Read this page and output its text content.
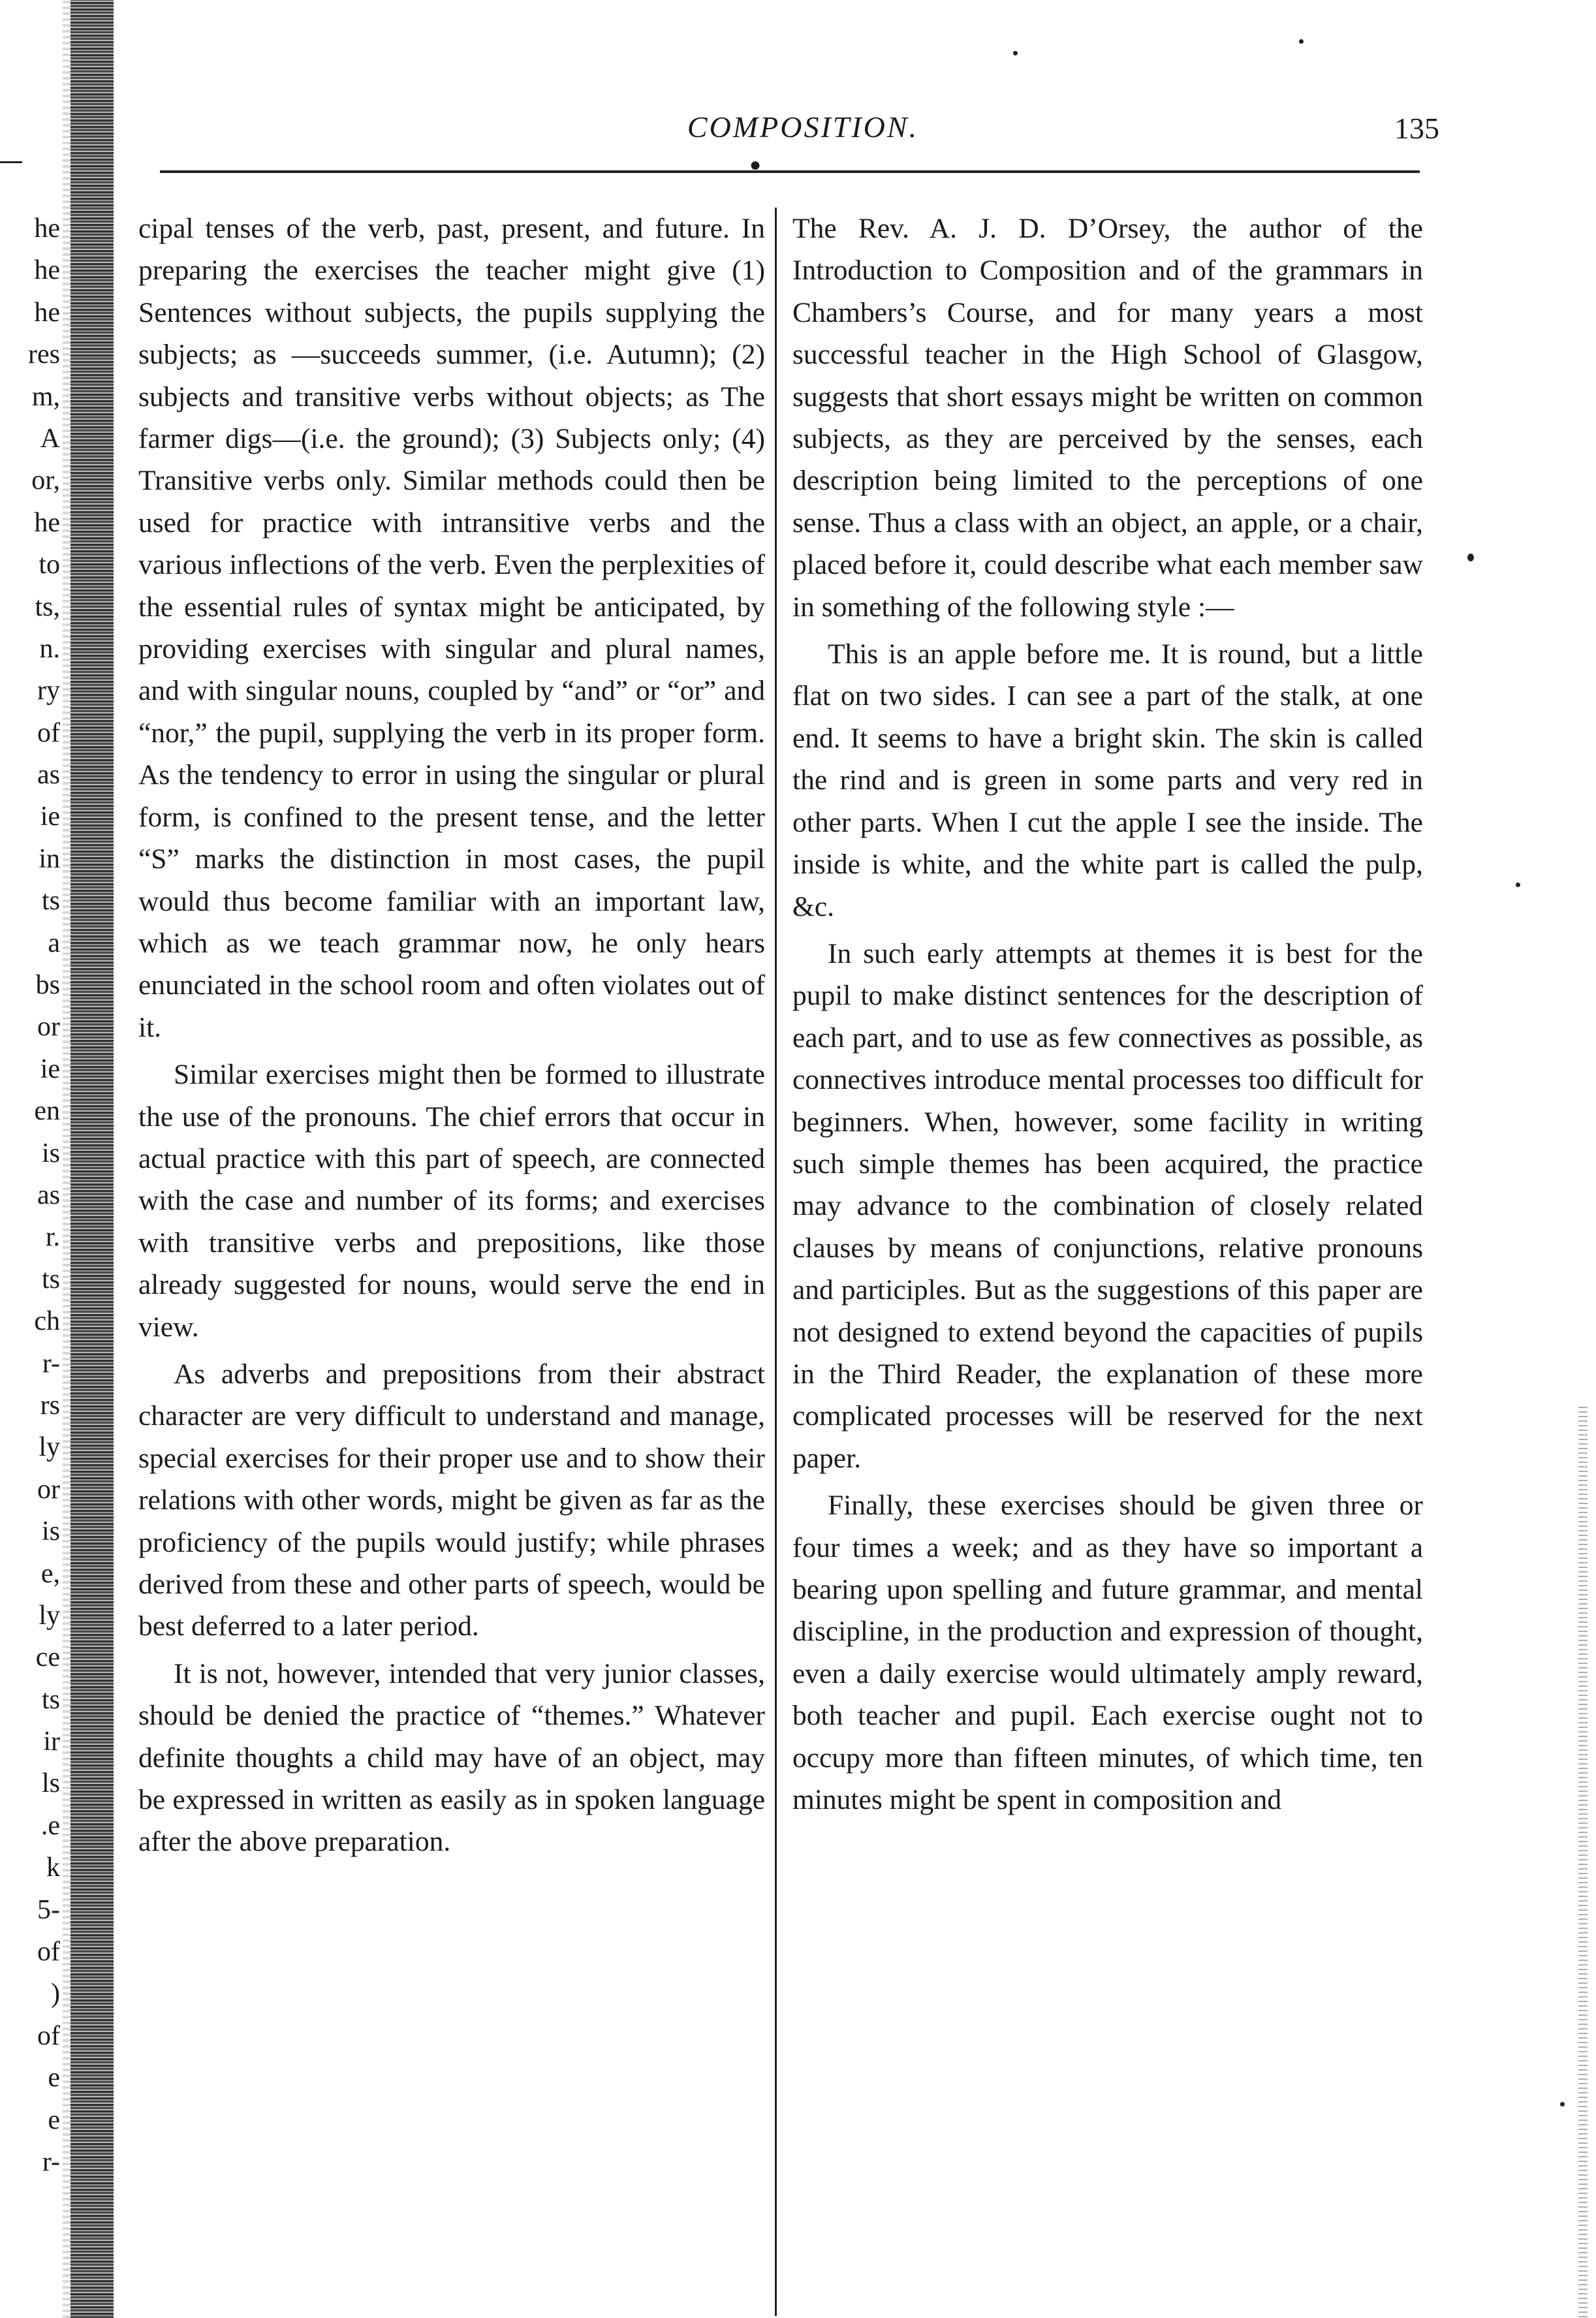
he
he
he
res
m,
A
or,
he
to
ts,
n.
ry
of
as
ie
in
ts
a
bs
or
ie
en
is
as
r.
ts
ch
r-
rs
ly
or
is
e,
ly
ce
ts
ir
ls
.e
k
5-
of
)
of
e
e
r-
COMPOSITION.	135
●

cipal tenses of the verb, past, present, and future. In preparing the exercises the teacher might give (1) Sentences without subjects, the pupils supplying the subjects; as —succeeds summer, (i.e. Autumn); (2) subjects and transitive verbs without objects; as The farmer digs—(i.e. the ground); (3) Subjects only; (4) Transitive verbs only. Similar methods could then be used for practice with intransitive verbs and the various inflections of the verb. Even the perplexities of the essential rules of syntax might be anticipated, by providing exercises with singular and plural names, and with singular nouns, coupled by “and” or “or” and “nor,” the pupil, supplying the verb in its proper form. As the tendency to error in using the singular or plural form, is confined to the present tense, and the letter “S” marks the distinction in most cases, the pupil would thus become familiar with an important law, which as we teach grammar now, he only hears enunciated in the school room and often violates out of it.

Similar exercises might then be formed to illustrate the use of the pronouns. The chief errors that occur in actual practice with this part of speech, are connected with the case and number of its forms; and exercises with transitive verbs and prepositions, like those already suggested for nouns, would serve the end in view.

As adverbs and prepositions from their abstract character are very difficult to understand and manage, special exercises for their proper use and to show their relations with other words, might be given as far as the proficiency of the pupils would justify; while phrases derived from these and other parts of speech, would be best deferred to a later period.

It is not, however, intended that very junior classes, should be denied the practice of “themes.” Whatever definite thoughts a child may have of an object, may be expressed in written as easily as in spoken language after the above preparation.

The Rev. A. J. D. D’Orsey, the author of the Introduction to Composition and of the grammars in Chambers’s Course, and for many years a most successful teacher in the High School of Glasgow, suggests that short essays might be written on common subjects, as they are perceived by the senses, each description being limited to the perceptions of one sense. Thus a class with an object, an apple, or a chair, placed before it, could describe what each member saw in something of the following style :—

This is an apple before me. It is round, but a little flat on two sides. I can see a part of the stalk, at one end. It seems to have a bright skin. The skin is called the rind and is green in some parts and very red in other parts. When I cut the apple I see the inside. The inside is white, and the white part is called the pulp, &c.

In such early attempts at themes it is best for the pupil to make distinct sentences for the description of each part, and to use as few connectives as possible, as connectives introduce mental processes too difficult for beginners. When, however, some facility in writing such simple themes has been acquired, the practice may advance to the combination of closely related clauses by means of conjunctions, relative pronouns and participles. But as the suggestions of this paper are not designed to extend beyond the capacities of pupils in the Third Reader, the explanation of these more complicated processes will be reserved for the next paper.

Finally, these exercises should be given three or four times a week; and as they have so important a bearing upon spelling and future grammar, and mental discipline, in the production and expression of thought, even a daily exercise would ultimately amply reward, both teacher and pupil. Each exercise ought not to occupy more than fifteen minutes, of which time, ten minutes might be spent in composition and
